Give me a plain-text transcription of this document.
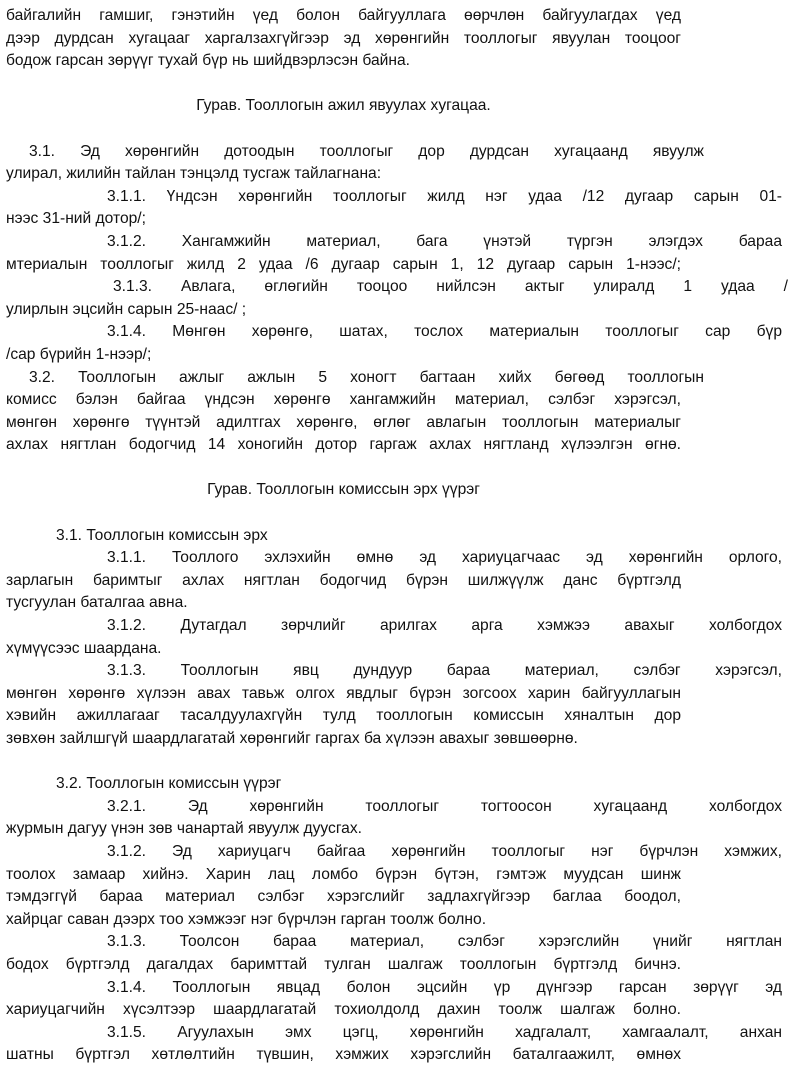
байгалийн гамшиг, гэнэтийн үед болон байгууллага өөрчлөн байгуулагдах үед
дээр дурдсан хугацааг харгалзахгүйгээр эд хөрөнгийн тооллогыг явуулан тооцоог
бодож гарсан зөрүүг тухай бүр нь шийдвэрлэсэн байна.
Гурав. Тооллогын ажил явуулах хугацаа.
3.1. Эд хөрөнгийн дотоодын тооллогыг дор дурдсан хугацаанд явуулж
улирал, жилийн тайлан тэнцэлд тусгаж тайлагнана:
3.1.1. Үндсэн хөрөнгийн тооллогыг жилд нэг удаа /12 дугаар сарын 01-
нээс 31-ний дотор/;
3.1.2. Хангамжийн материал, бага үнэтэй түргэн элэгдэх бараа
мтериалын тооллогыг жилд 2 удаа /6 дугаар сарын 1, 12 дугаар сарын 1-нээс/;
3.1.3. Авлага, өглөгийн тооцоо нийлсэн актыг улиралд 1 удаа /
улирлын эцсийн сарын 25-наас/ ;
3.1.4. Мөнгөн хөрөнгө, шатах, тослох материалын тооллогыг сар бүр
/сар бүрийн 1-нээр/;
3.2. Тооллогын ажлыг ажлын 5 хоногт багтаан хийх бөгөөд тооллогын
комисс бэлэн байгаа үндсэн хөрөнгө хангамжийн материал, сэлбэг хэрэгсэл,
мөнгөн хөрөнгө түүнтэй адилтгах хөрөнгө, өглөг авлагын тооллогын материалыг
ахлах нягтлан бодогчид 14 хоногийн дотор гаргаж ахлах нягтланд хүлээлгэн өгнө.
Гурав. Тооллогын комиссын эрх үүрэг
3.1. Тооллогын комиссын эрх
3.1.1. Тооллого эхлэхийн өмнө эд хариуцагчаас эд хөрөнгийн орлого,
зарлагын баримтыг ахлах нягтлан бодогчид бүрэн шилжүүлж данс бүртгэлд
тусгуулан баталгаа авна.
3.1.2. Дутагдал зөрчлийг арилгах арга хэмжээ авахыг холбогдох
хүмүүсээс шаардана.
3.1.3. Тооллогын явц дундуур бараа материал, сэлбэг хэрэгсэл,
мөнгөн хөрөнгө хүлээн авах тавьж олгох явдлыг бүрэн зогсоох харин байгууллагын
хэвийн ажиллагааг тасалдуулахгүйн тулд тооллогын комиссын хяналтын дор
зөвхөн зайлшгүй шаардлагатай хөрөнгийг гаргах ба хүлээн авахыг зөвшөөрнө.
3.2. Тооллогын комиссын үүрэг
3.2.1. Эд хөрөнгийн тооллогыг тогтоосон хугацаанд холбогдох
журмын дагуу үнэн зөв чанартай явуулж дуусгах.
3.1.2. Эд хариуцагч байгаа хөрөнгийн тооллогыг нэг бүрчлэн хэмжих,
тоолох замаар хийнэ. Харин лац ломбо бүрэн бүтэн, гэмтэж муудсан шинж
тэмдэггүй бараа материал сэлбэг хэрэгслийг задлахгүйгээр баглаа боодол,
хайрцаг саван дээрх тоо хэмжээг нэг бүрчлэн гарган тоолж болно.
3.1.3. Тоолсон бараа материал, сэлбэг хэрэгслийн үнийг нягтлан
бодох бүртгэлд дагалдах баримттай тулган шалгаж тооллогын бүртгэлд бичнэ.
3.1.4. Тооллогын явцад болон эцсийн үр дүнгээр гарсан зөрүүг эд
хариуцагчийн хүсэлтээр шаардлагатай тохиолдолд дахин тоолж шалгаж болно.
3.1.5. Агуулахын эмх цэгц, хөрөнгийн хадгалалт, хамгаалалт, анхан
шатны бүртгэл хөтлөлтийн түвшин, хэмжих хэрэгслийн баталгаажилт, өмнөх
